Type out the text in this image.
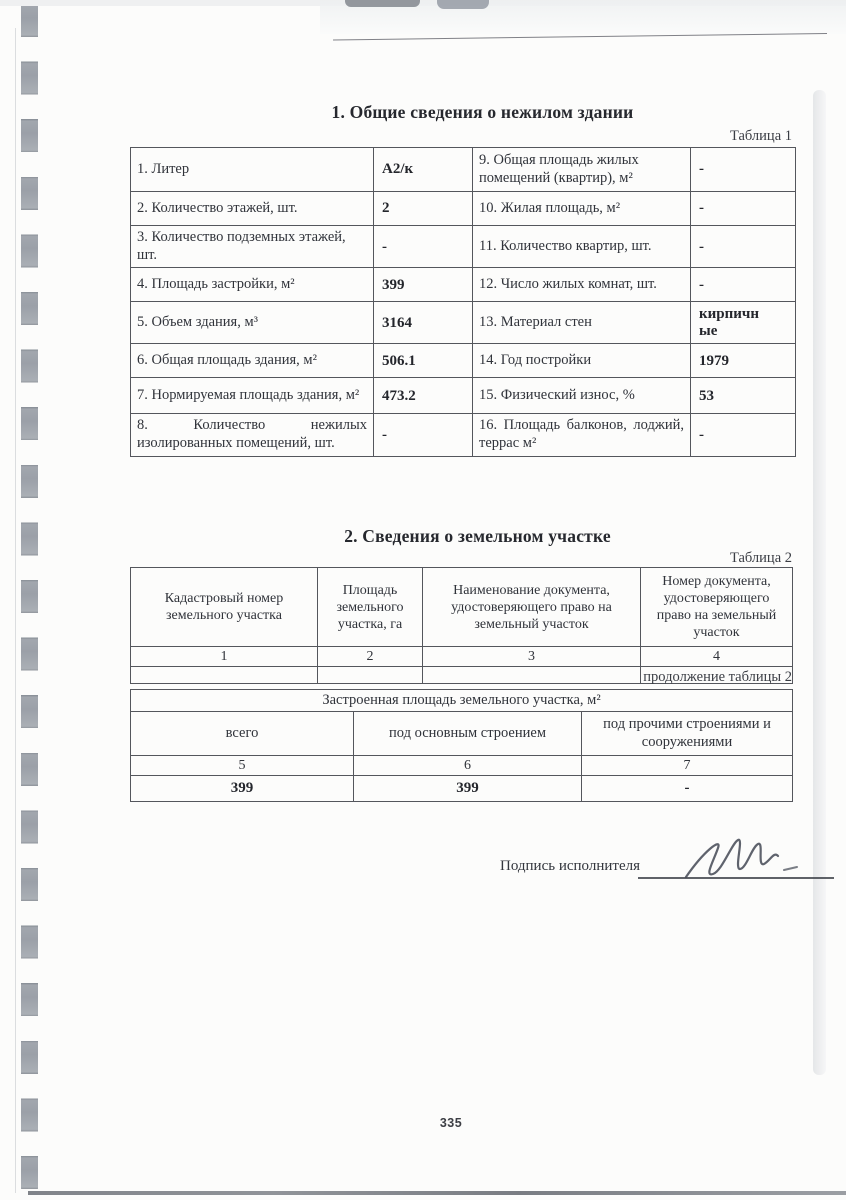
1. Общие сведения о нежилом здании
Таблица 1
1. Литер	А2/к	9. Общая площадь жилых помещений (квартир), м²	-
2. Количество этажей, шт.	2	10. Жилая площадь, м²	-
3. Количество подземных этажей, шт.	-	11. Количество квартир, шт.	-
4. Площадь застройки, м²	399	12. Число жилых комнат, шт.	-
5. Объем здания, м³	3164	13. Материал стен	кирпичные
6. Общая площадь здания, м²	506.1	14. Год постройки	1979
7. Нормируемая площадь здания, м²	473.2	15. Физический износ, %	53
8. Количество нежилых изолированных помещений, шт.	-	16. Площадь балконов, лоджий, террас м²	-
2. Сведения о земельном участке
Таблица 2
Кадастровый номер земельного участка	Площадь земельного участка, га	Наименование документа, удостоверяющего право на земельный участок	Номер документа, удостоверяющего право на земельный участок
1	2	3	4

продолжение таблицы 2
Застроенная площадь земельного участка, м²		
всего	под основным строением	под прочими строениями и сооружениями
5	6	7
399	399	-
Подпись исполнителя
335
